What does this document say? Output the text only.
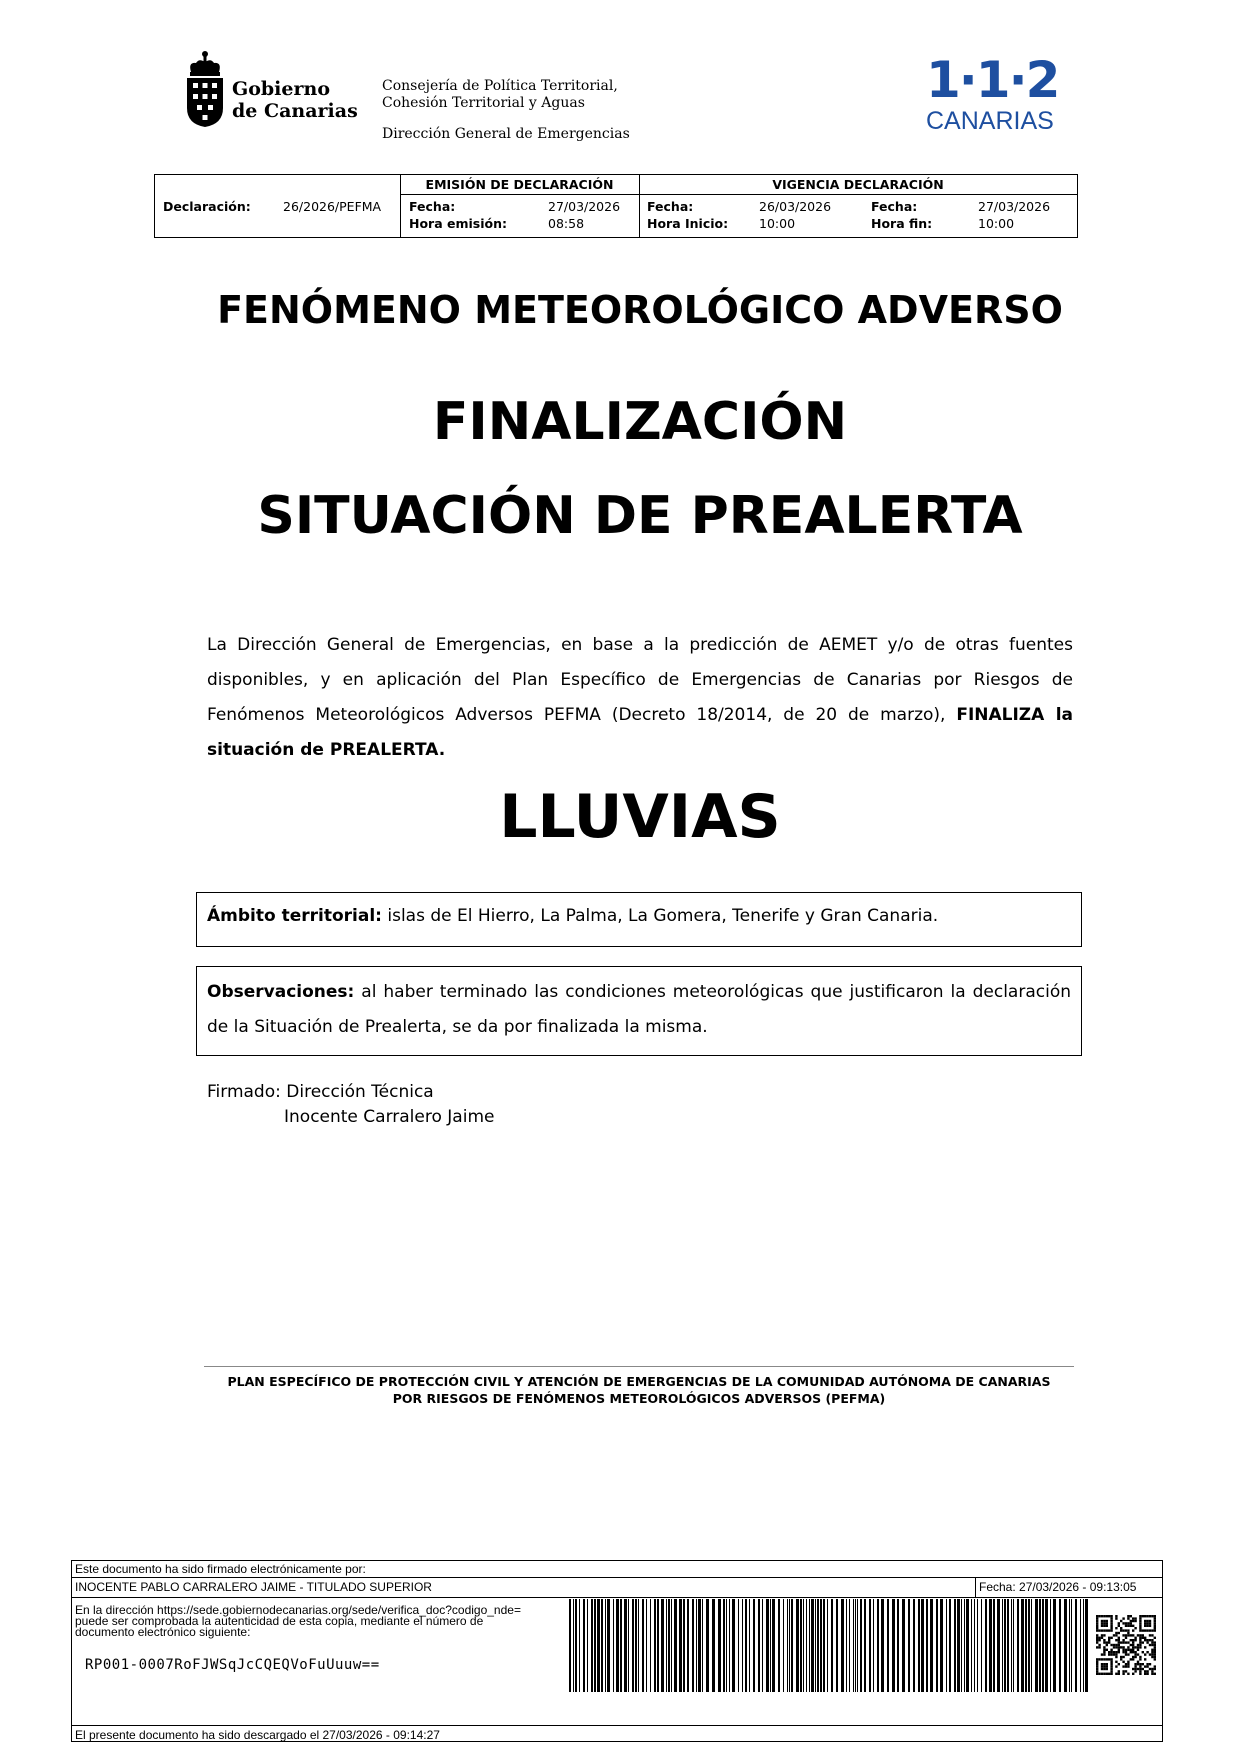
Gobierno
de Canarias
Consejería de Política Territorial,
Cohesión Territorial y Aguas
Dirección General de Emergencias
1·1·2
CANARIAS
Declaración:	26/2026/PEFMA
EMISIÓN DE DECLARACIÓN
Fecha:	27/03/2026
Hora emisión:	08:58
VIGENCIA DECLARACIÓN
Fecha:	26/03/2026
Hora Inicio: 10:00
Fecha:	27/03/2026
Hora fin:	10:00
FENÓMENO METEOROLÓGICO ADVERSO
FINALIZACIÓN
SITUACIÓN DE PREALERTA
La Dirección General de Emergencias, en base a la predicción de AEMET y/o de otras fuentes disponibles, y en aplicación del Plan Específico de Emergencias de Canarias por Riesgos de Fenómenos Meteorológicos Adversos PEFMA (Decreto 18/2014, de 20 de marzo), FINALIZA la situación de PREALERTA.
LLUVIAS
Ámbito territorial: islas de El Hierro, La Palma, La Gomera, Tenerife y Gran Canaria.
Observaciones: al haber terminado las condiciones meteorológicas que justificaron la declaración de la Situación de Prealerta, se da por finalizada la misma.
Firmado: Dirección Técnica
Inocente Carralero Jaime
PLAN ESPECÍFICO DE PROTECCIÓN CIVIL Y ATENCIÓN DE EMERGENCIAS DE LA COMUNIDAD AUTÓNOMA DE CANARIAS
POR RIESGOS DE FENÓMENOS METEOROLÓGICOS ADVERSOS (PEFMA)
Este documento ha sido firmado electrónicamente por:
INOCENTE PABLO CARRALERO JAIME - TITULADO SUPERIOR	Fecha: 27/03/2026 - 09:13:05
En la dirección https://sede.gobiernodecanarias.org/sede/verifica_doc?codigo_nde=
puede ser comprobada la autenticidad de esta copia, mediante el número de
documento electrónico siguiente:
RP001-0007RoFJWSqJcCQEQVoFuUuuw==
El presente documento ha sido descargado el 27/03/2026 - 09:14:27
